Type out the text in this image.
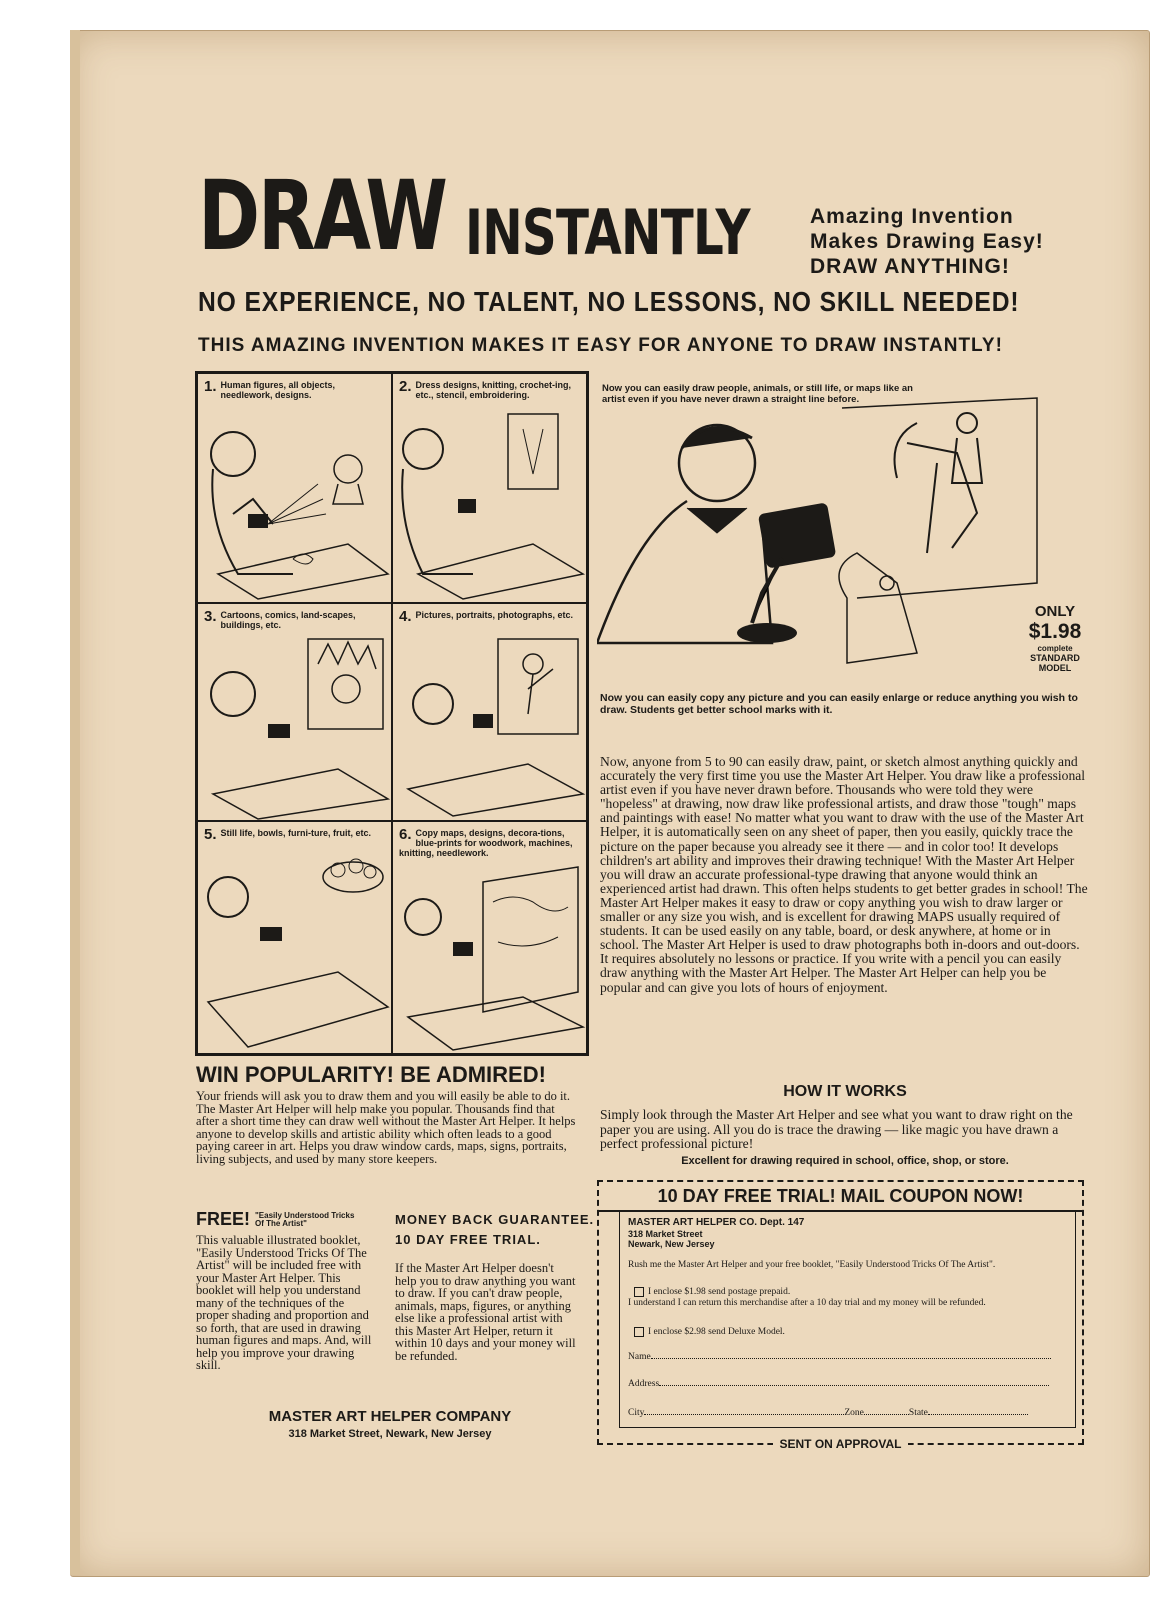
DRAW INSTANTLY	Amazing Invention
Makes Drawing Easy!
DRAW ANYTHING!
NO EXPERIENCE, NO TALENT, NO LESSONS, NO SKILL NEEDED!
THIS AMAZING INVENTION MAKES IT EASY FOR ANYONE TO DRAW INSTANTLY!
1. Human figures, all objects, needlework, designs.	2. Dress designs, knitting, crochet-ing, etc., stencil, embroidering.
3. Cartoons, comics, land-scapes, buildings, etc.	4. Pictures, portraits, photographs, etc.
5. Still life, bowls, furni-ture, fruit, etc.	6. Copy maps, designs, decora-tions, blue-prints for woodwork, machines, knitting, needlework.
WIN POPULARITY! BE ADMIRED!
Your friends will ask you to draw them and you will easily be able to do it. The Master Art Helper will help make you popular. Thousands find that after a short time they can draw well without the Master Art Helper. It helps anyone to develop skills and artistic ability which often leads to a good paying career in art. Helps you draw window cards, maps, signs, portraits, living subjects, and used by many store keepers.
FREE! "Easily Understood Tricks Of The Artist"
This valuable illustrated booklet, "Easily Understood Tricks Of The Artist" will be included free with your Master Art Helper. This booklet will help you understand many of the techniques of the proper shading and proportion and so forth, that are used in drawing human figures and maps. And, will help you improve your drawing skill.
MONEY BACK GUARANTEE.
10 DAY FREE TRIAL.
If the Master Art Helper doesn't help you to draw anything you want to draw. If you can't draw people, animals, maps, figures, or anything else like a professional artist with this Master Art Helper, return it within 10 days and your money will be refunded.
MASTER ART HELPER COMPANY
318 Market Street, Newark, New Jersey
Now you can easily draw people, animals, or still life, or maps like an artist even if you have never drawn a straight line before.
ONLY
$1.98
complete
STANDARD
MODEL
Now you can easily copy any picture and you can easily enlarge or reduce anything you wish to draw. Students get better school marks with it.
Now, anyone from 5 to 90 can easily draw, paint, or sketch almost anything quickly and accurately the very first time you use the Master Art Helper. You draw like a professional artist even if you have never drawn before. Thousands who were told they were "hopeless" at drawing, now draw like professional artists, and draw those "tough" maps and paintings with ease! No matter what you want to draw with the use of the Master Art Helper, it is automatically seen on any sheet of paper, then you easily, quickly trace the picture on the paper because you already see it there — and in color too! It develops children's art ability and improves their drawing technique! With the Master Art Helper you will draw an accurate professional-type drawing that anyone would think an experienced artist had drawn. This often helps students to get better grades in school! The Master Art Helper makes it easy to draw or copy anything you wish to draw larger or smaller or any size you wish, and is excellent for drawing MAPS usually required of students. It can be used easily on any table, board, or desk anywhere, at home or in school. The Master Art Helper is used to draw photographs both in-doors and out-doors. It requires absolutely no lessons or practice. If you write with a pencil you can easily draw anything with the Master Art Helper. The Master Art Helper can help you be popular and can give you lots of hours of enjoyment.
HOW IT WORKS
Simply look through the Master Art Helper and see what you want to draw right on the paper you are using. All you do is trace the drawing — like magic you have drawn a perfect professional picture!
Excellent for drawing required in school, office, shop, or store.
10 DAY FREE TRIAL! MAIL COUPON NOW!
MASTER ART HELPER CO. Dept. 147
318 Market Street
Newark, New Jersey
Rush me the Master Art Helper and your free booklet, "Easily Understood Tricks Of The Artist".
I enclose $1.98 send postage prepaid.
I understand I can return this merchandise after a 10 day trial and my money will be refunded.
I enclose $2.98 send Deluxe Model.
Name
Address
City	Zone	State
SENT ON APPROVAL
